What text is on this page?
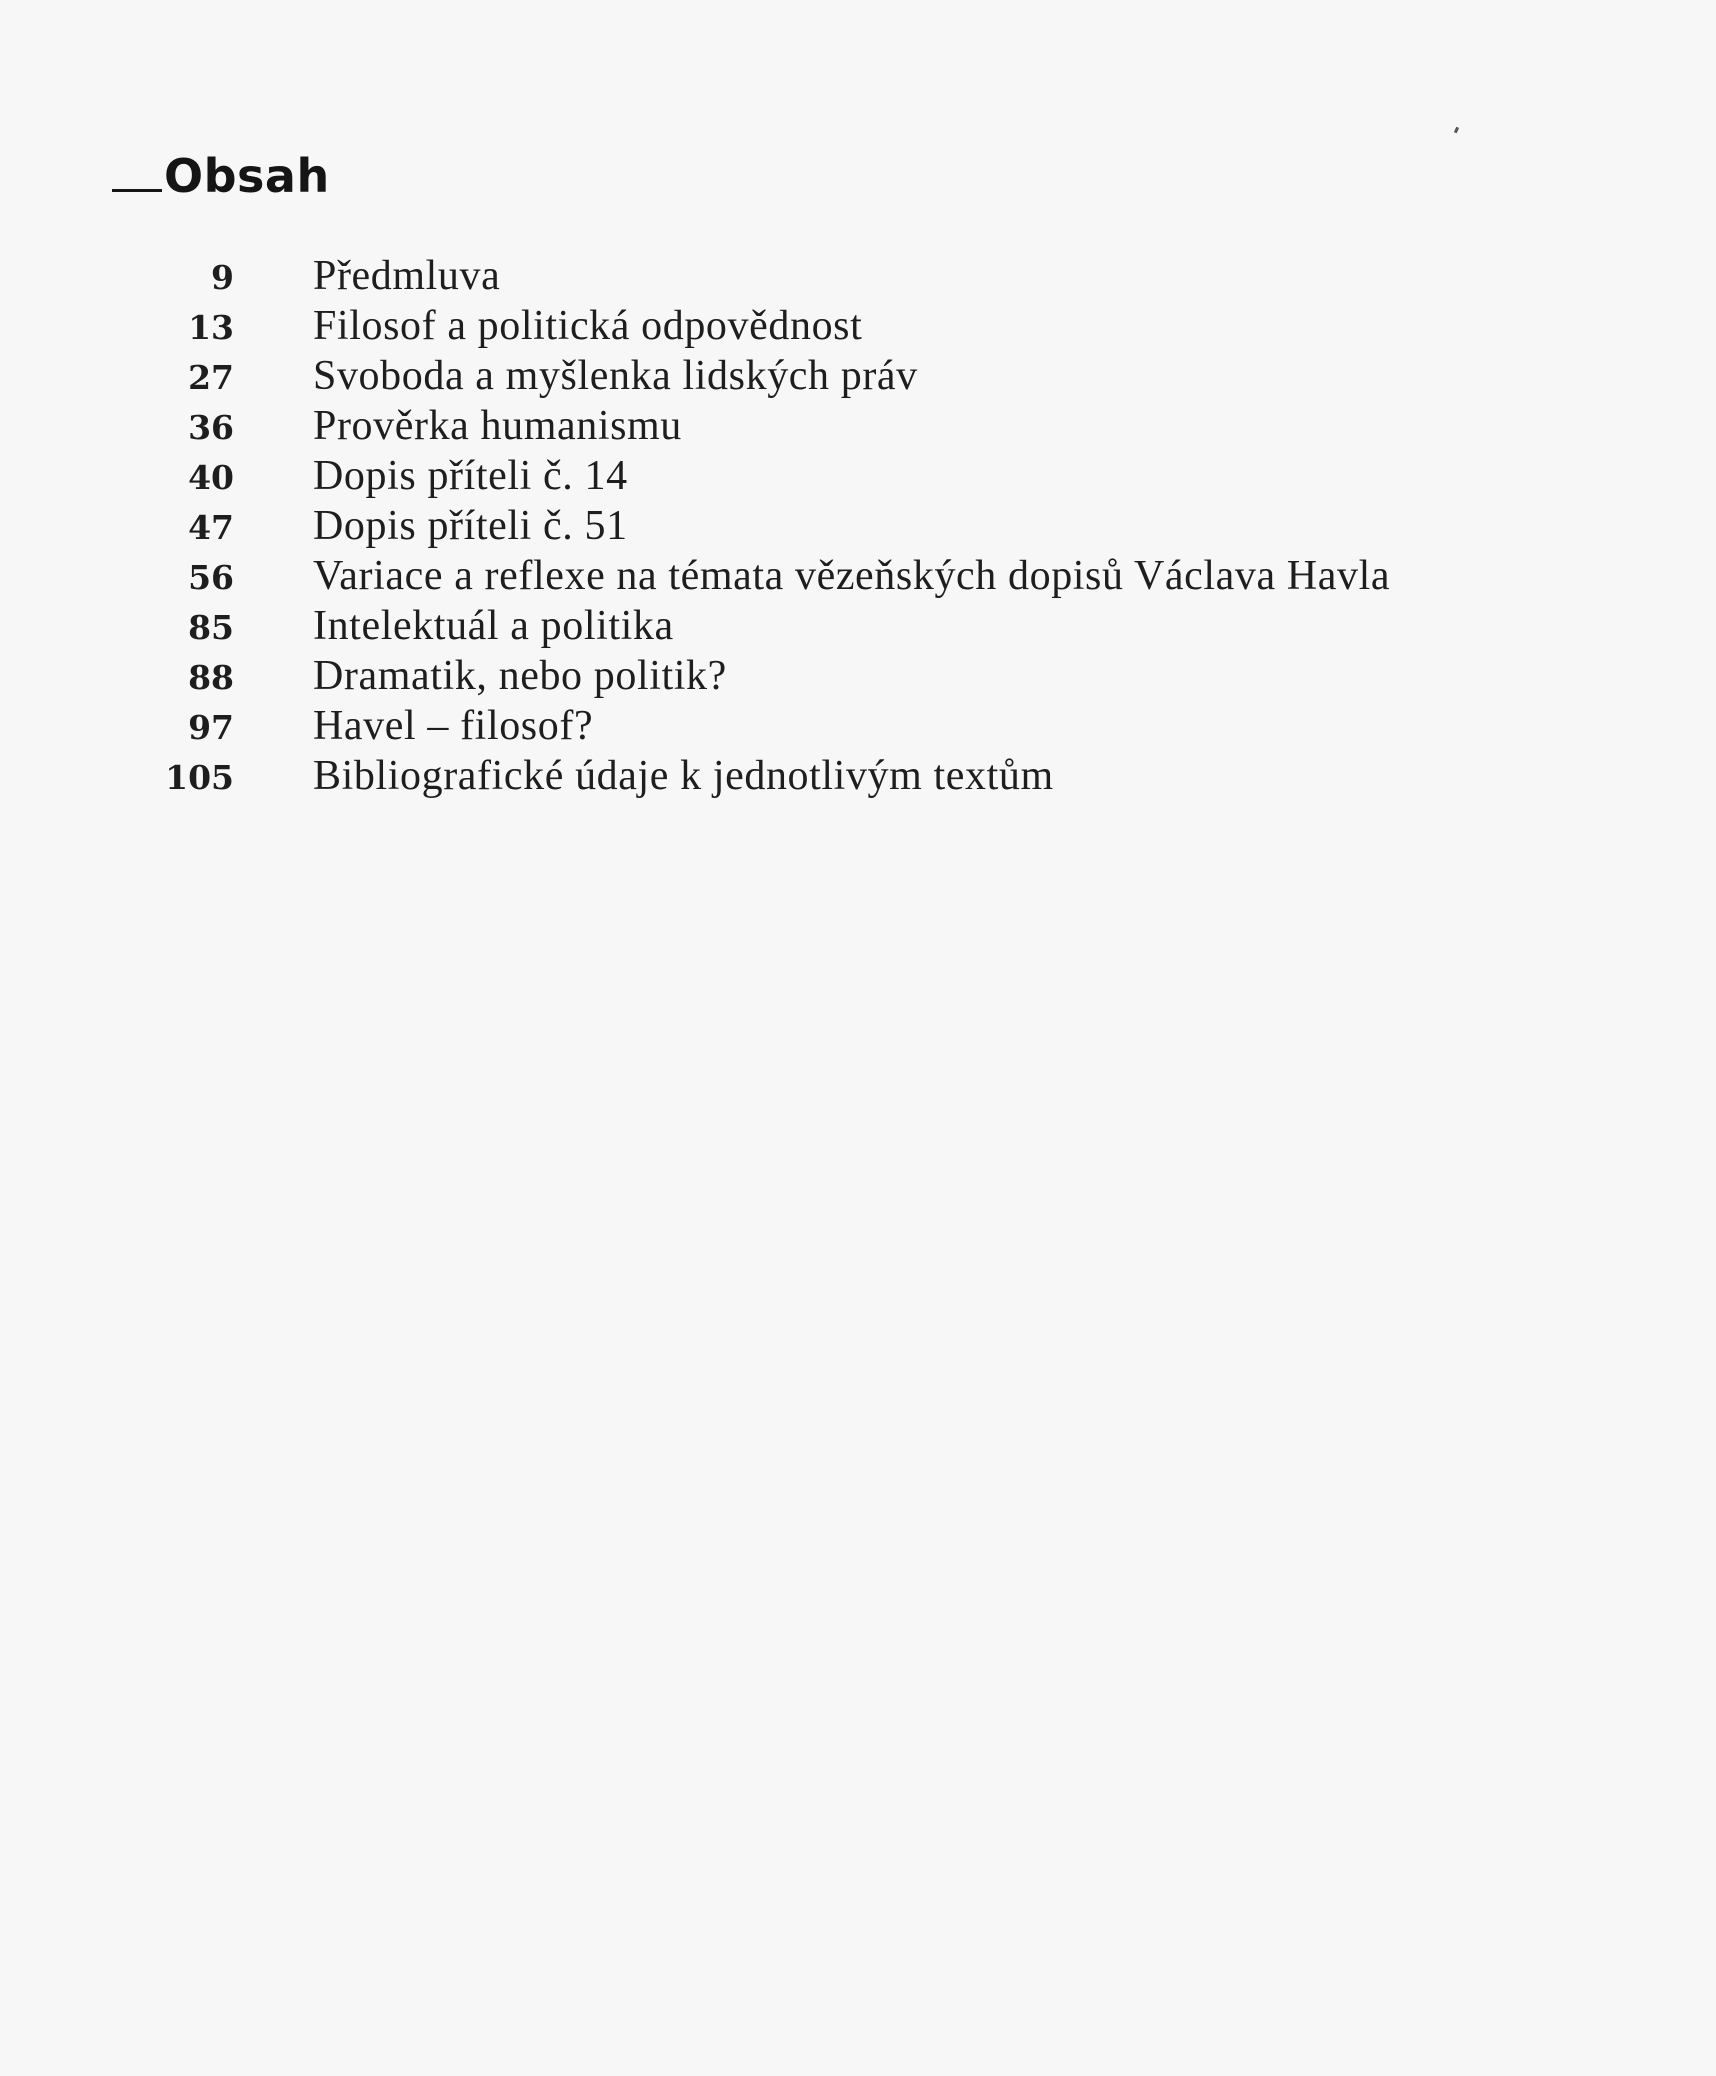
Obsah
9 Předmluva
13 Filosof a politická odpovědnost
27 Svoboda a myšlenka lidských práv
36 Prověrka humanismu
40 Dopis příteli č. 14
47 Dopis příteli č. 51
56 Variace a reflexe na témata vězeňských dopisů Václava Havla
85 Intelektuál a politika
88 Dramatik, nebo politik?
97 Havel – filosof?
105 Bibliografické údaje k jednotlivým textům
